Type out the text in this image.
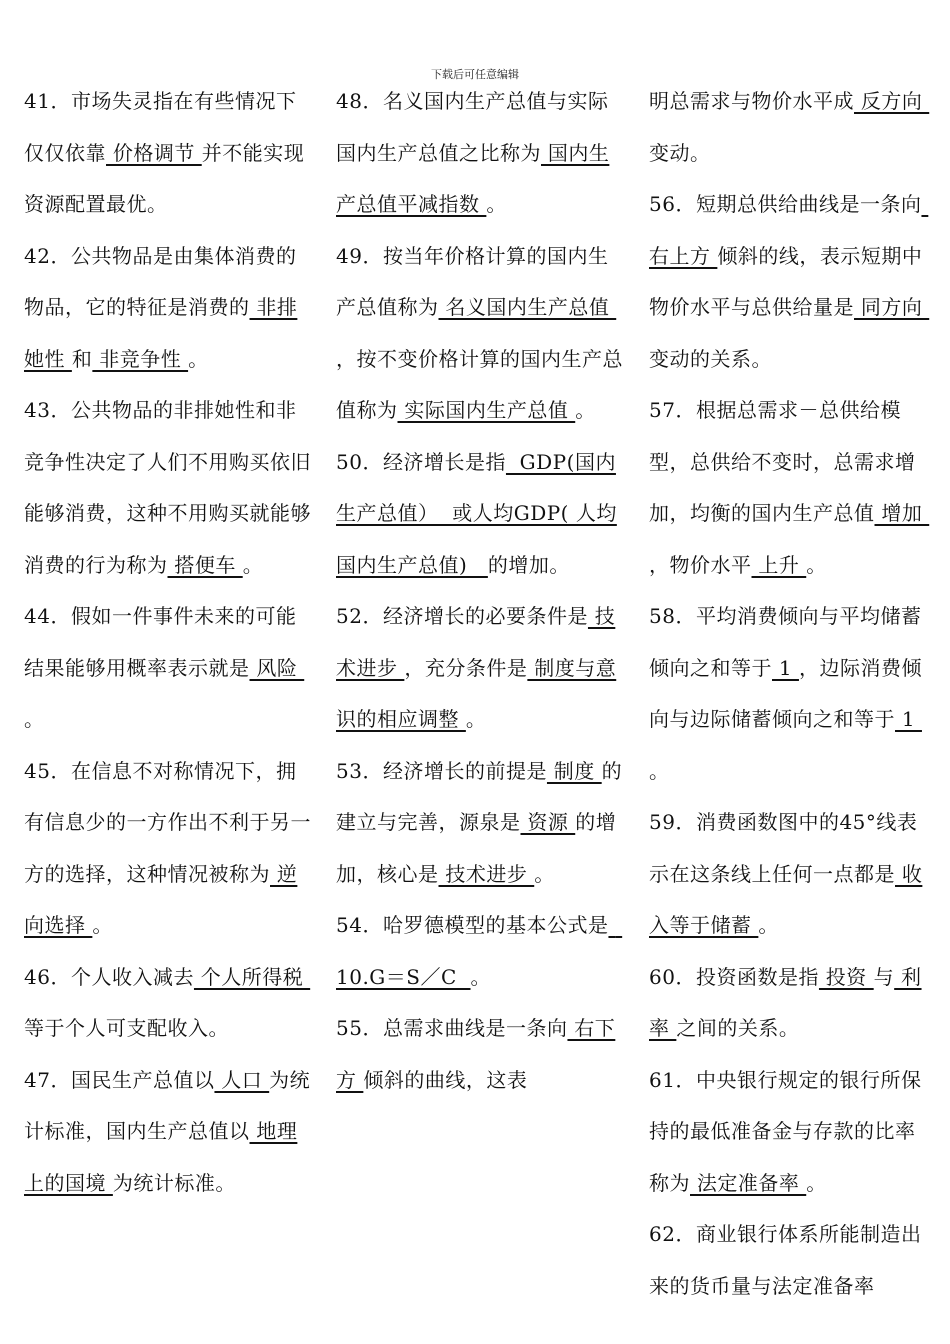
下载后可任意编辑

41．市场失灵指在有些情况下仅仅依靠 价格调节 并不能实现资源配置最优。

42．公共物品是由集体消费的物品，它的特征是消费的 非排她性 和 非竞争性 。

43．公共物品的非排她性和非竞争性决定了人们不用购买依旧能够消费，这种不用购买就能够消费的行为称为 搭便车 。

44．假如一件事件未来的可能结果能够用概率表示就是 风险 。

45．在信息不对称情况下，拥有信息少的一方作出不利于另一方的选择，这种情况被称为 逆向选择 。

46．个人收入减去 个人所得税 等于个人可支配收入。

47．国民生产总值以 人口 为统计标准，国内生产总值以 地理上的国境 为统计标准。

48．名义国内生产总值与实际国内生产总值之比称为 国内生产总值平减指数 。

49．按当年价格计算的国内生产总值称为 名义国内生产总值 ，按不变价格计算的国内生产总值称为 实际国内生产总值 。

50．经济增长是指  GDP(国内生产总值）  或人均GDP( 人均国内生产总值)   的增加。

52．经济增长的必要条件是 技术进步 ，充分条件是 制度与意识的相应调整 。

53．经济增长的前提是 制度 的建立与完善，源泉是 资源 的增加，核心是 技术进步 。

54．哈罗德模型的基本公式是  10.G＝S／C  。

55．总需求曲线是一条向 右下方 倾斜的曲线，这表

明总需求与物价水平成 反方向 变动。

56．短期总供给曲线是一条向 右上方 倾斜的线，表示短期中物价水平与总供给量是 同方向 变动的关系。

57．根据总需求－总供给模型，总供给不变时，总需求增加，均衡的国内生产总值 增加 ，物价水平 上升 。

58．平均消费倾向与平均储蓄倾向之和等于 1 ，边际消费倾向与边际储蓄倾向之和等于 1 。

59．消费函数图中的45°线表示在这条线上任何一点都是 收入等于储蓄 。

60．投资函数是指 投资 与 利率 之间的关系。

61．中央银行规定的银行所保持的最低准备金与存款的比率称为 法定准备率 。

62．商业银行体系所能制造出来的货币量与法定准备率
